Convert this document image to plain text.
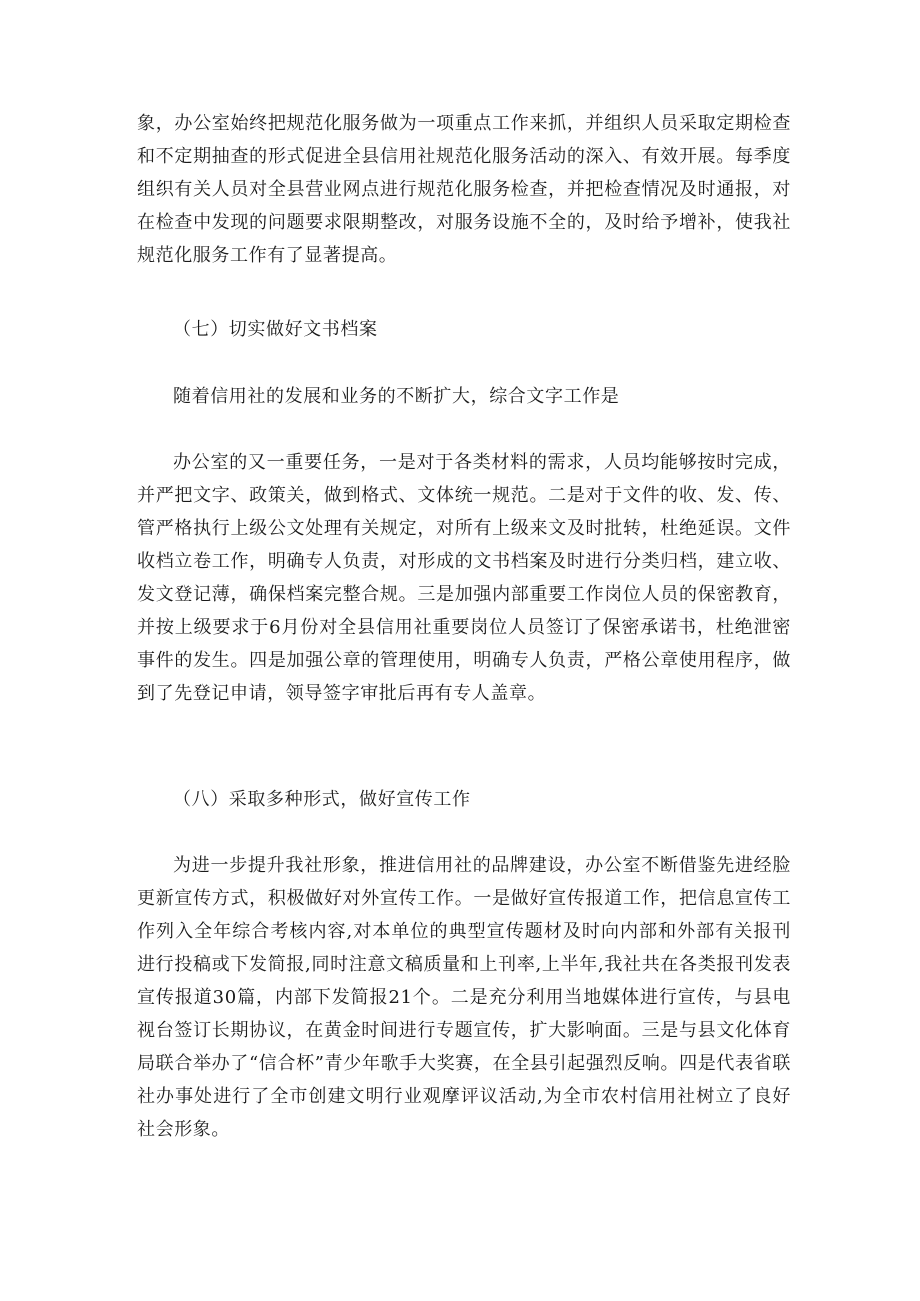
象，办公室始终把规范化服务做为一项重点工作来抓，并组织人员采取定期检查和不定期抽查的形式促进全县信用社规范化服务活动的深入、有效开展。每季度组织有关人员对全县营业网点进行规范化服务检查，并把检查情况及时通报，对在检查中发现的问题要求限期整改，对服务设施不全的，及时给予增补，使我社规范化服务工作有了显著提高。

（七）切实做好文书档案

随着信用社的发展和业务的不断扩大，综合文字工作是

办公室的又一重要任务，一是对于各类材料的需求，人员均能够按时完成，并严把文字、政策关，做到格式、文体统一规范。二是对于文件的收、发、传、管严格执行上级公文处理有关规定，对所有上级来文及时批转，杜绝延误。文件收档立卷工作，明确专人负责，对形成的文书档案及时进行分类归档，建立收、发文登记薄，确保档案完整合规。三是加强内部重要工作岗位人员的保密教育，并按上级要求于6月份对全县信用社重要岗位人员签订了保密承诺书，杜绝泄密事件的发生。四是加强公章的管理使用，明确专人负责，严格公章使用程序，做到了先登记申请，领导签字审批后再有专人盖章。

（八）采取多种形式，做好宣传工作

为进一步提升我社形象，推进信用社的品牌建设，办公室不断借鉴先进经脸更新宣传方式，积极做好对外宣传工作。一是做好宣传报道工作，把信息宣传工作列入全年综合考核内容,对本单位的典型宣传题材及时向内部和外部有关报刊进行投稿或下发简报,同时注意文稿质量和上刊率,上半年,我社共在各类报刊发表宣传报道30篇，内部下发简报21个。二是充分利用当地媒体进行宣传，与县电视台签订长期协议，在黄金时间进行专题宣传，扩大影响面。三是与县文化体育局联合举办了“信合杯”青少年歌手大奖赛，在全县引起强烈反响。四是代表省联社办事处进行了全市创建文明行业观摩评议活动,为全市农村信用社树立了良好社会形象。
